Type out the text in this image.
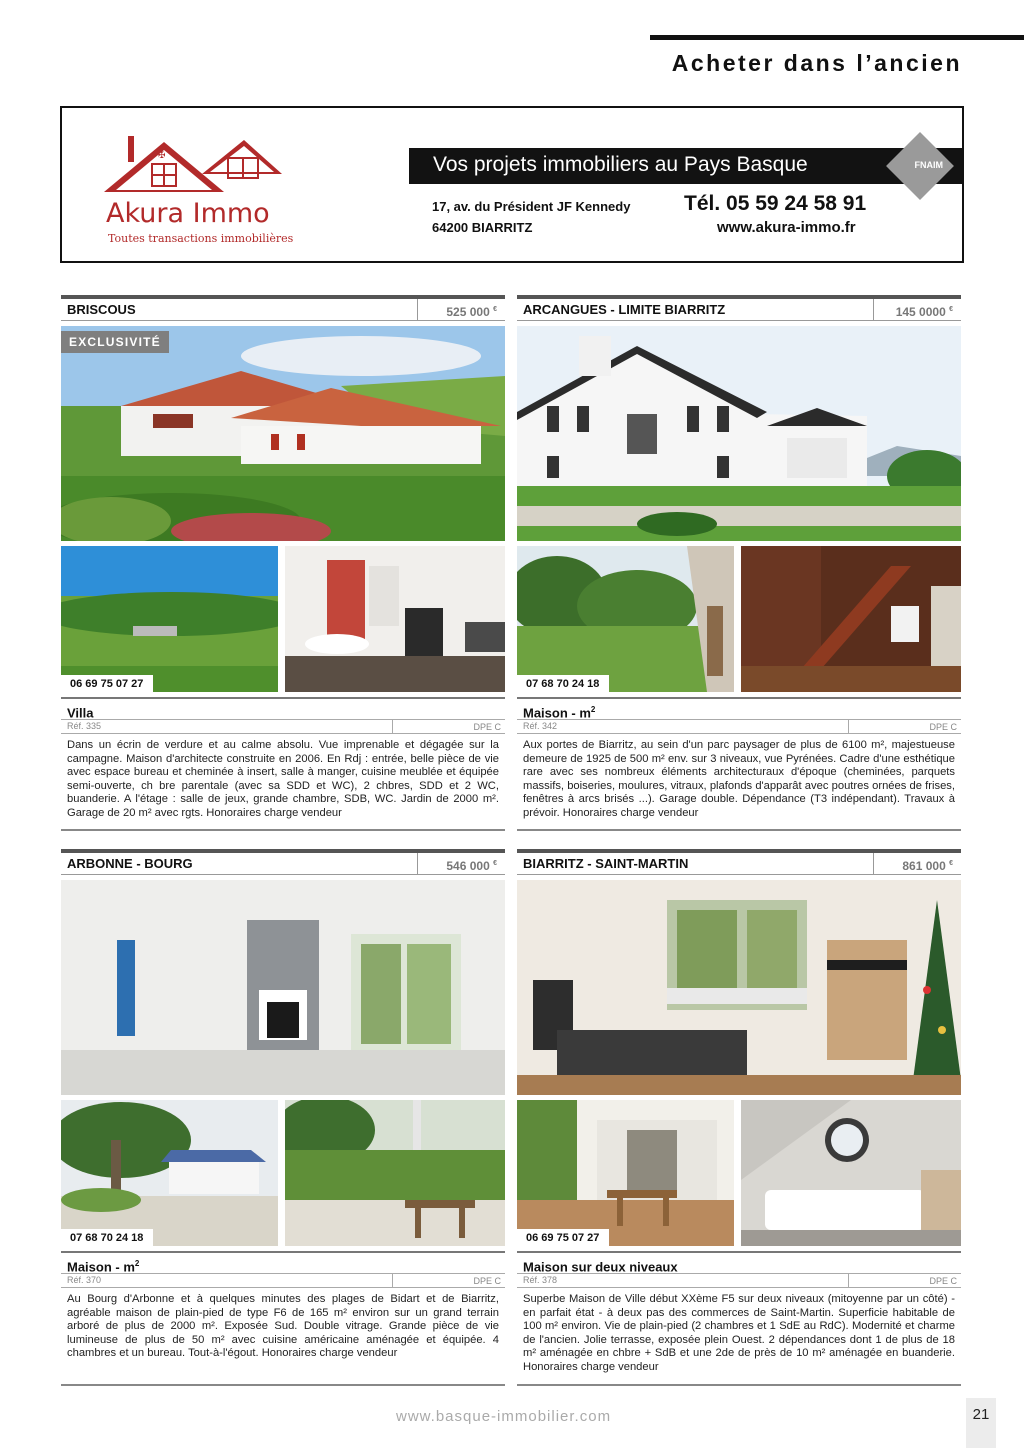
Acheter dans l’ancien
✠
Akura Immo
Toutes transactions immobilières
Vos projets immobiliers au Pays Basque	FNAIM
17, av. du Président JF Kennedy
64200 BIARRITZ
Tél. 05 59 24 58 91
www.akura-immo.fr
BRISCOUS	525 000 €
EXCLUSIVITÉ
06 69 75 07 27
Villa
Réf. 335	DPE C
Dans un écrin de verdure et au calme absolu. Vue imprenable et dégagée sur la campagne. Maison d'architecte construite en 2006. En Rdj : entrée, belle pièce de vie avec espace bureau et cheminée à insert, salle à manger, cuisine meublée et équipée semi-ouverte, ch bre parentale (avec sa SDD et WC), 2 chbres, SDD et 2 WC, buanderie. A l'étage : salle de jeux, grande chambre, SDB, WC. Jardin de 2000 m². Garage de 20 m² avec rgts. Honoraires charge vendeur
ARCANGUES - LIMITE BIARRITZ	145 0000 €
07 68 70 24 18
Maison - $m^2$
Réf. 342	DPE C
Aux portes de Biarritz, au sein d'un parc paysager de plus de 6100 m², majestueuse demeure de 1925 de 500 m² env. sur 3 niveaux, vue Pyrénées. Cadre d'une esthétique rare avec ses nombreux éléments architecturaux d'époque (cheminées, parquets massifs, boiseries, moulures, vitraux, plafonds d'apparât avec poutres ornées de frises, fenêtres à arcs brisés ...). Garage double. Dépendance (T3 indépendant). Travaux à prévoir. Honoraires charge vendeur
ARBONNE - BOURG	546 000 €
07 68 70 24 18
Maison - $m^2$
Réf. 370	DPE C
Au Bourg d'Arbonne et à quelques minutes des plages de Bidart et de Biarritz, agréable maison de plain-pied de type F6 de 165 m² environ sur un grand terrain arboré de plus de 2000 m². Exposée Sud. Double vitrage. Grande pièce de vie lumineuse de plus de 50 m² avec cuisine américaine aménagée et équipée. 4 chambres et un bureau. Tout-à-l'égout. Honoraires charge vendeur
BIARRITZ - SAINT-MARTIN	861 000 €
06 69 75 07 27
Maison sur deux niveaux
Réf. 378	DPE C
Superbe Maison de Ville début XXème F5 sur deux niveaux (mitoyenne par un côté) - en parfait état - à deux pas des commerces de Saint-Martin. Superficie habitable de 100 m² environ. Vie de plain-pied (2 chambres et 1 SdE au RdC). Modernité et charme de l'ancien. Jolie terrasse, exposée plein Ouest. 2 dépendances dont 1 de plus de 18 m² aménagée en chbre + SdB et une 2de de près de 10 m² aménagée en buanderie. Honoraires charge vendeur
www.basque-immobilier.com	21
